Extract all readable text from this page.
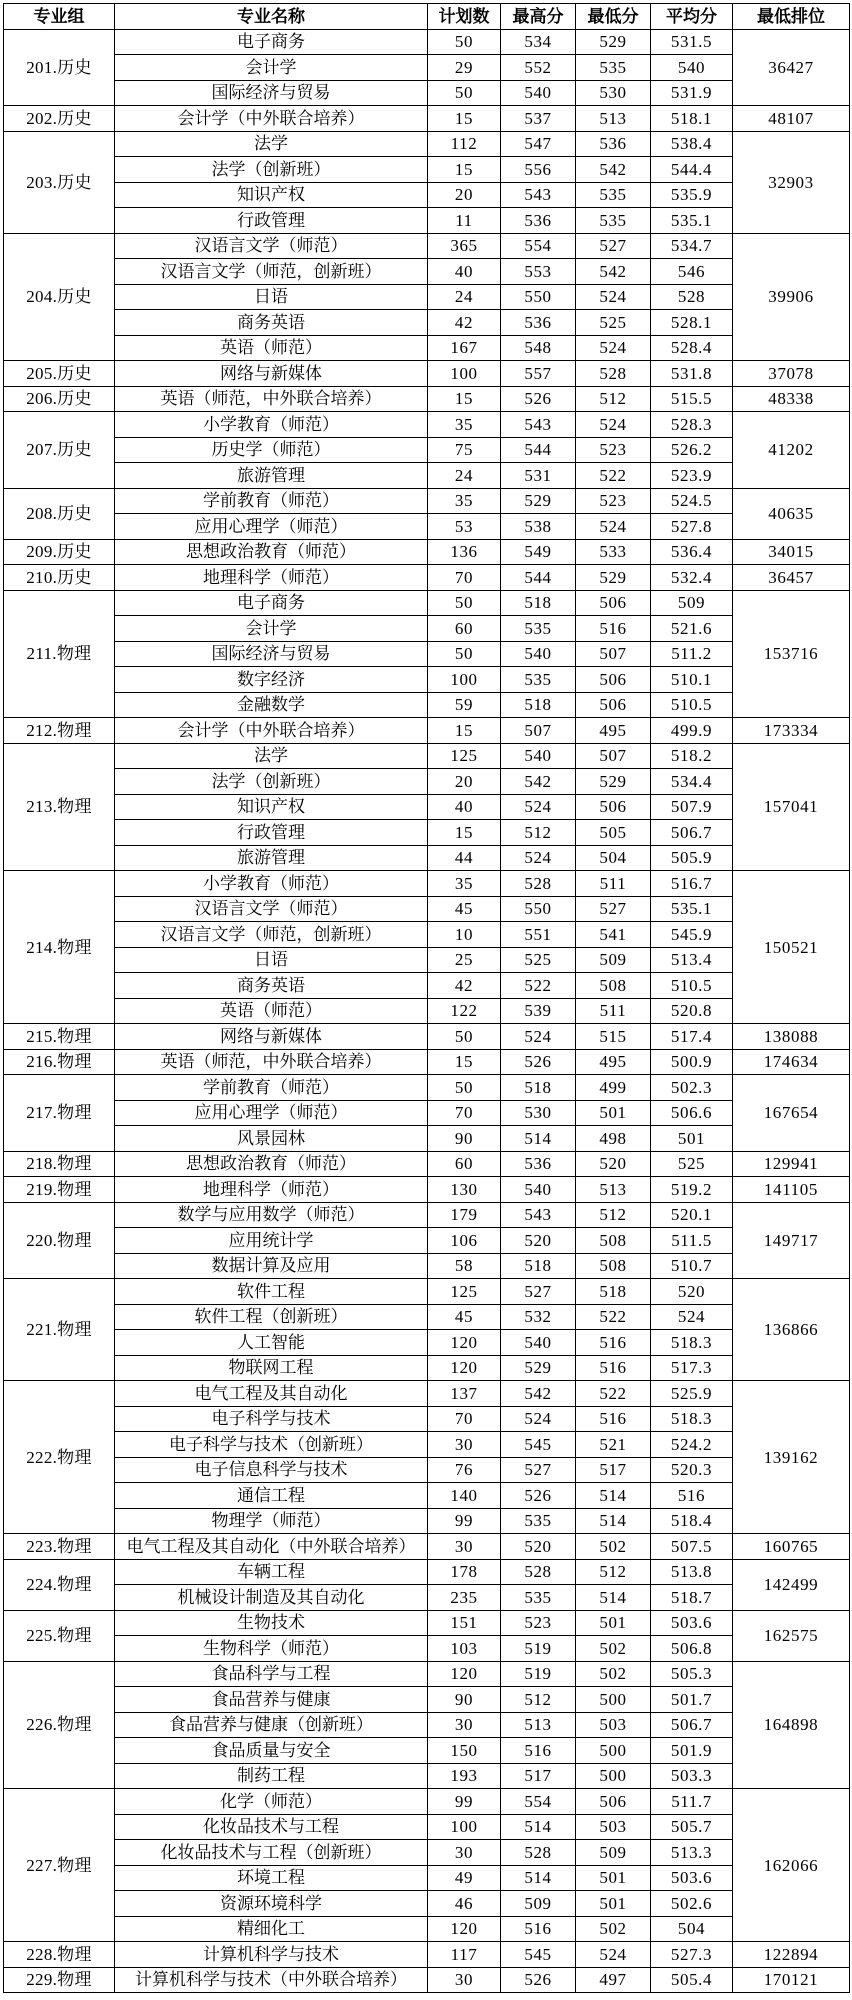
专业组	专业名称	计划数	最高分	最低分	平均分	最低排位
201.历史	电子商务	50	534	529	531.5	36427
	会计学	29	552	535	540	
	国际经济与贸易	50	540	530	531.9	
202.历史	会计学（中外联合培养）	15	537	513	518.1	48107
203.历史	法学	112	547	536	538.4	32903
	法学（创新班）	15	556	542	544.4	
	知识产权	20	543	535	535.9	
	行政管理	11	536	535	535.1	
204.历史	汉语言文学（师范）	365	554	527	534.7	39906
	汉语言文学（师范，创新班）	40	553	542	546	
	日语	24	550	524	528	
	商务英语	42	536	525	528.1	
	英语（师范）	167	548	524	528.4	
205.历史	网络与新媒体	100	557	528	531.8	37078
206.历史	英语（师范，中外联合培养）	15	526	512	515.5	48338
207.历史	小学教育（师范）	35	543	524	528.3	41202
	历史学（师范）	75	544	523	526.2	
	旅游管理	24	531	522	523.9	
208.历史	学前教育（师范）	35	529	523	524.5	40635
	应用心理学（师范）	53	538	524	527.8	
209.历史	思想政治教育（师范）	136	549	533	536.4	34015
210.历史	地理科学（师范）	70	544	529	532.4	36457
211.物理	电子商务	50	518	506	509	153716
	会计学	60	535	516	521.6	
	国际经济与贸易	50	540	507	511.2	
	数字经济	100	535	506	510.1	
	金融数学	59	518	506	510.5	
212.物理	会计学（中外联合培养）	15	507	495	499.9	173334
213.物理	法学	125	540	507	518.2	157041
	法学（创新班）	20	542	529	534.4	
	知识产权	40	524	506	507.9	
	行政管理	15	512	505	506.7	
	旅游管理	44	524	504	505.9	
214.物理	小学教育（师范）	35	528	511	516.7	150521
	汉语言文学（师范）	45	550	527	535.1	
	汉语言文学（师范，创新班）	10	551	541	545.9	
	日语	25	525	509	513.4	
	商务英语	42	522	508	510.5	
	英语（师范）	122	539	511	520.8	
215.物理	网络与新媒体	50	524	515	517.4	138088
216.物理	英语（师范，中外联合培养）	15	526	495	500.9	174634
217.物理	学前教育（师范）	50	518	499	502.3	167654
	应用心理学（师范）	70	530	501	506.6	
	风景园林	90	514	498	501	
218.物理	思想政治教育（师范）	60	536	520	525	129941
219.物理	地理科学（师范）	130	540	513	519.2	141105
220.物理	数学与应用数学（师范）	179	543	512	520.1	149717
	应用统计学	106	520	508	511.5	
	数据计算及应用	58	518	508	510.7	
221.物理	软件工程	125	527	518	520	136866
	软件工程（创新班）	45	532	522	524	
	人工智能	120	540	516	518.3	
	物联网工程	120	529	516	517.3	
222.物理	电气工程及其自动化	137	542	522	525.9	139162
	电子科学与技术	70	524	516	518.3	
	电子科学与技术（创新班）	30	545	521	524.2	
	电子信息科学与技术	76	527	517	520.3	
	通信工程	140	526	514	516	
	物理学（师范）	99	535	514	518.4	
223.物理	电气工程及其自动化（中外联合培养）	30	520	502	507.5	160765
224.物理	车辆工程	178	528	512	513.8	142499
	机械设计制造及其自动化	235	535	514	518.7	
225.物理	生物技术	151	523	501	503.6	162575
	生物科学（师范）	103	519	502	506.8	
226.物理	食品科学与工程	120	519	502	505.3	164898
	食品营养与健康	90	512	500	501.7	
	食品营养与健康（创新班）	30	513	503	506.7	
	食品质量与安全	150	516	500	501.9	
	制药工程	193	517	500	503.3	
227.物理	化学（师范）	99	554	506	511.7	162066
	化妆品技术与工程	100	514	503	505.7	
	化妆品技术与工程（创新班）	30	528	509	513.3	
	环境工程	49	514	501	503.6	
	资源环境科学	46	509	501	502.6	
	精细化工	120	516	502	504	
228.物理	计算机科学与技术	117	545	524	527.3	122894
229.物理	计算机科学与技术（中外联合培养）	30	526	497	505.4	170121
